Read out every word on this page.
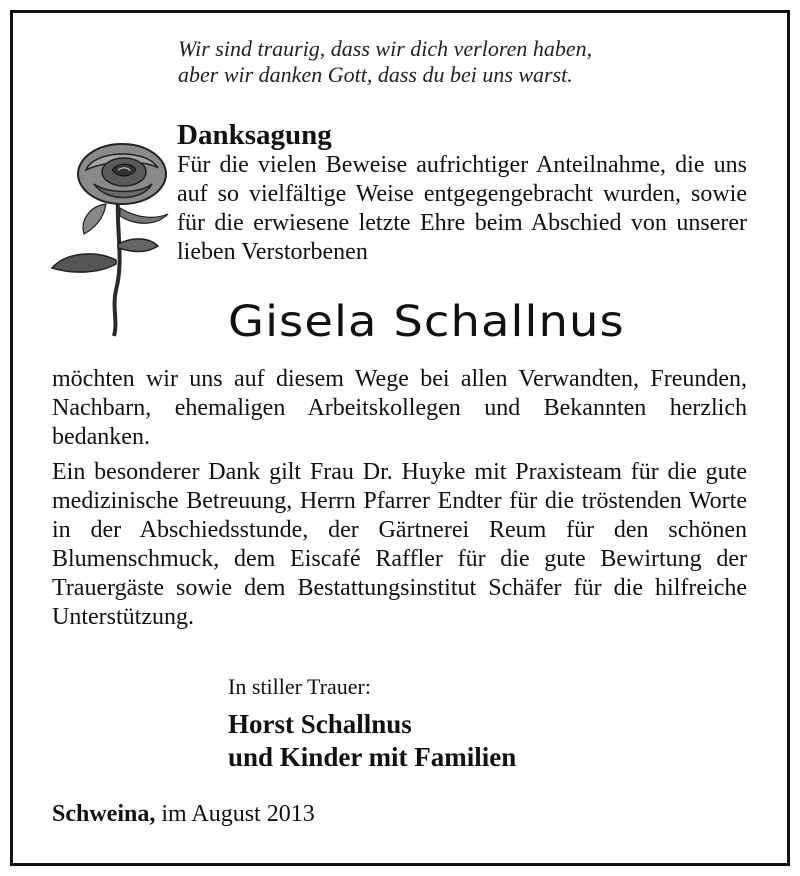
Wir sind traurig, dass wir dich verloren haben,
aber wir danken Gott, dass du bei uns warst.
Danksagung
Für die vielen Beweise aufrichtiger Anteilnahme, die uns auf so vielfältige Weise entgegengebracht wurden, sowie für die erwiesene letzte Ehre beim Abschied von unserer lieben Verstorbenen
Gisela Schallnus
möchten wir uns auf diesem Wege bei allen Verwandten, Freunden, Nachbarn, ehemaligen Arbeitskollegen und Bekannten herzlich bedanken.
Ein besonderer Dank gilt Frau Dr. Huyke mit Praxisteam für die gute medizinische Betreuung, Herrn Pfarrer Endter für die tröstenden Worte in der Abschiedsstunde, der Gärtnerei Reum für den schönen Blumenschmuck, dem Eiscafé Raffler für die gute Bewirtung der Trauergäste sowie dem Bestattungsinstitut Schäfer für die hilfreiche Unterstützung.
In stiller Trauer:
Horst Schallnus
und Kinder mit Familien
Schweina, im August 2013
